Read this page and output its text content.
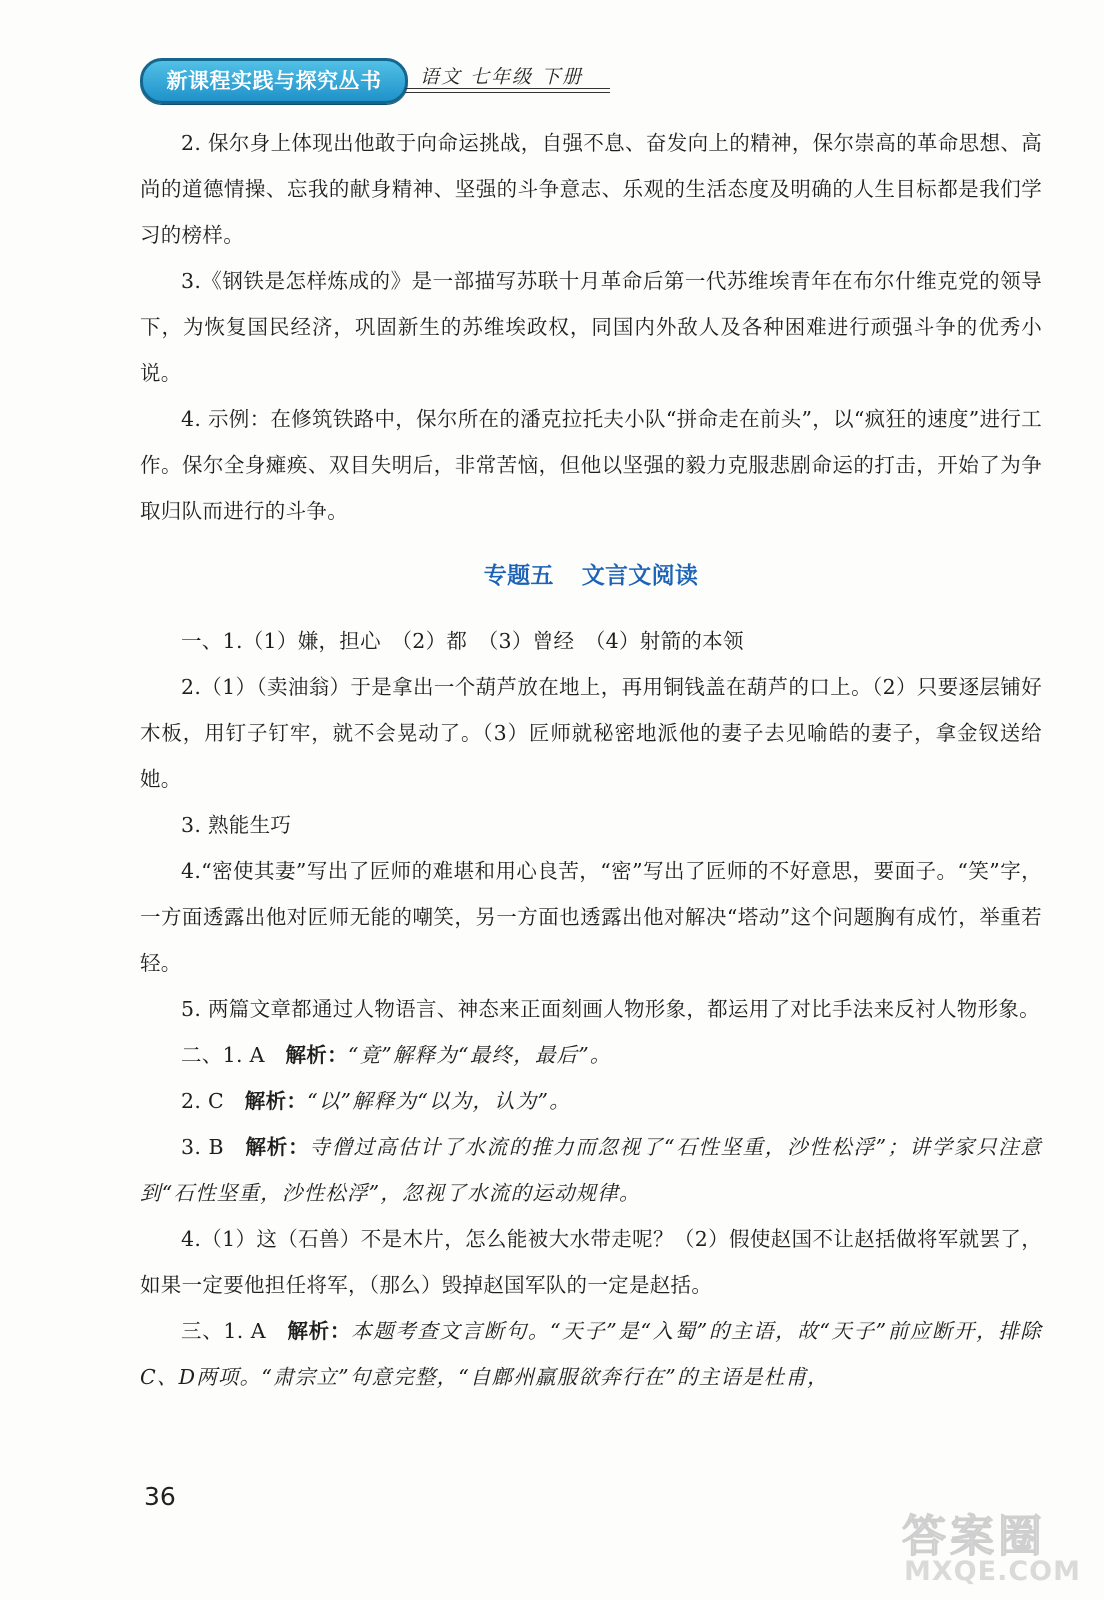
新课程实践与探究丛书	语文 七年级 下册

2. 保尔身上体现出他敢于向命运挑战，自强不息、奋发向上的精神，保尔崇高的革命思想、高尚的道德情操、忘我的献身精神、坚强的斗争意志、乐观的生活态度及明确的人生目标都是我们学习的榜样。

3.《钢铁是怎样炼成的》是一部描写苏联十月革命后第一代苏维埃青年在布尔什维克党的领导下，为恢复国民经济，巩固新生的苏维埃政权，同国内外敌人及各种困难进行顽强斗争的优秀小说。

4. 示例：在修筑铁路中，保尔所在的潘克拉托夫小队“拼命走在前头”，以“疯狂的速度”进行工作。保尔全身瘫痪、双目失明后，非常苦恼，但他以坚强的毅力克服悲剧命运的打击，开始了为争取归队而进行的斗争。

专题五 文言文阅读

一、1.（1）嫌，担心　（2）都　（3）曾经　（4）射箭的本领

2.（1）（卖油翁）于是拿出一个葫芦放在地上，再用铜钱盖在葫芦的口上。（2）只要逐层铺好木板，用钉子钉牢，就不会晃动了。（3）匠师就秘密地派他的妻子去见喻皓的妻子，拿金钗送给她。

3. 熟能生巧

4.“密使其妻”写出了匠师的难堪和用心良苦，“密”写出了匠师的不好意思，要面子。“笑”字，一方面透露出他对匠师无能的嘲笑，另一方面也透露出他对解决“塔动”这个问题胸有成竹，举重若轻。

5. 两篇文章都通过人物语言、神态来正面刻画人物形象，都运用了对比手法来反衬人物形象。

二、1. A　解析：“竟”解释为“最终，最后”。

2. C　解析：“以”解释为“以为，认为”。

3. B　解析：寺僧过高估计了水流的推力而忽视了“石性坚重，沙性松浮”；讲学家只注意到“石性坚重，沙性松浮”，忽视了水流的运动规律。

4.（1）这（石兽）不是木片，怎么能被大水带走呢？（2）假使赵国不让赵括做将军就罢了，如果一定要他担任将军，（那么）毁掉赵国军队的一定是赵括。

三、1. A　解析：本题考查文言断句。“天子”是“入蜀”的主语，故“天子”前应断开，排除C、D两项。“肃宗立”句意完整，“自鄜州羸服欲奔行在”的主语是杜甫，

36
答案圈
MXQE.COM
